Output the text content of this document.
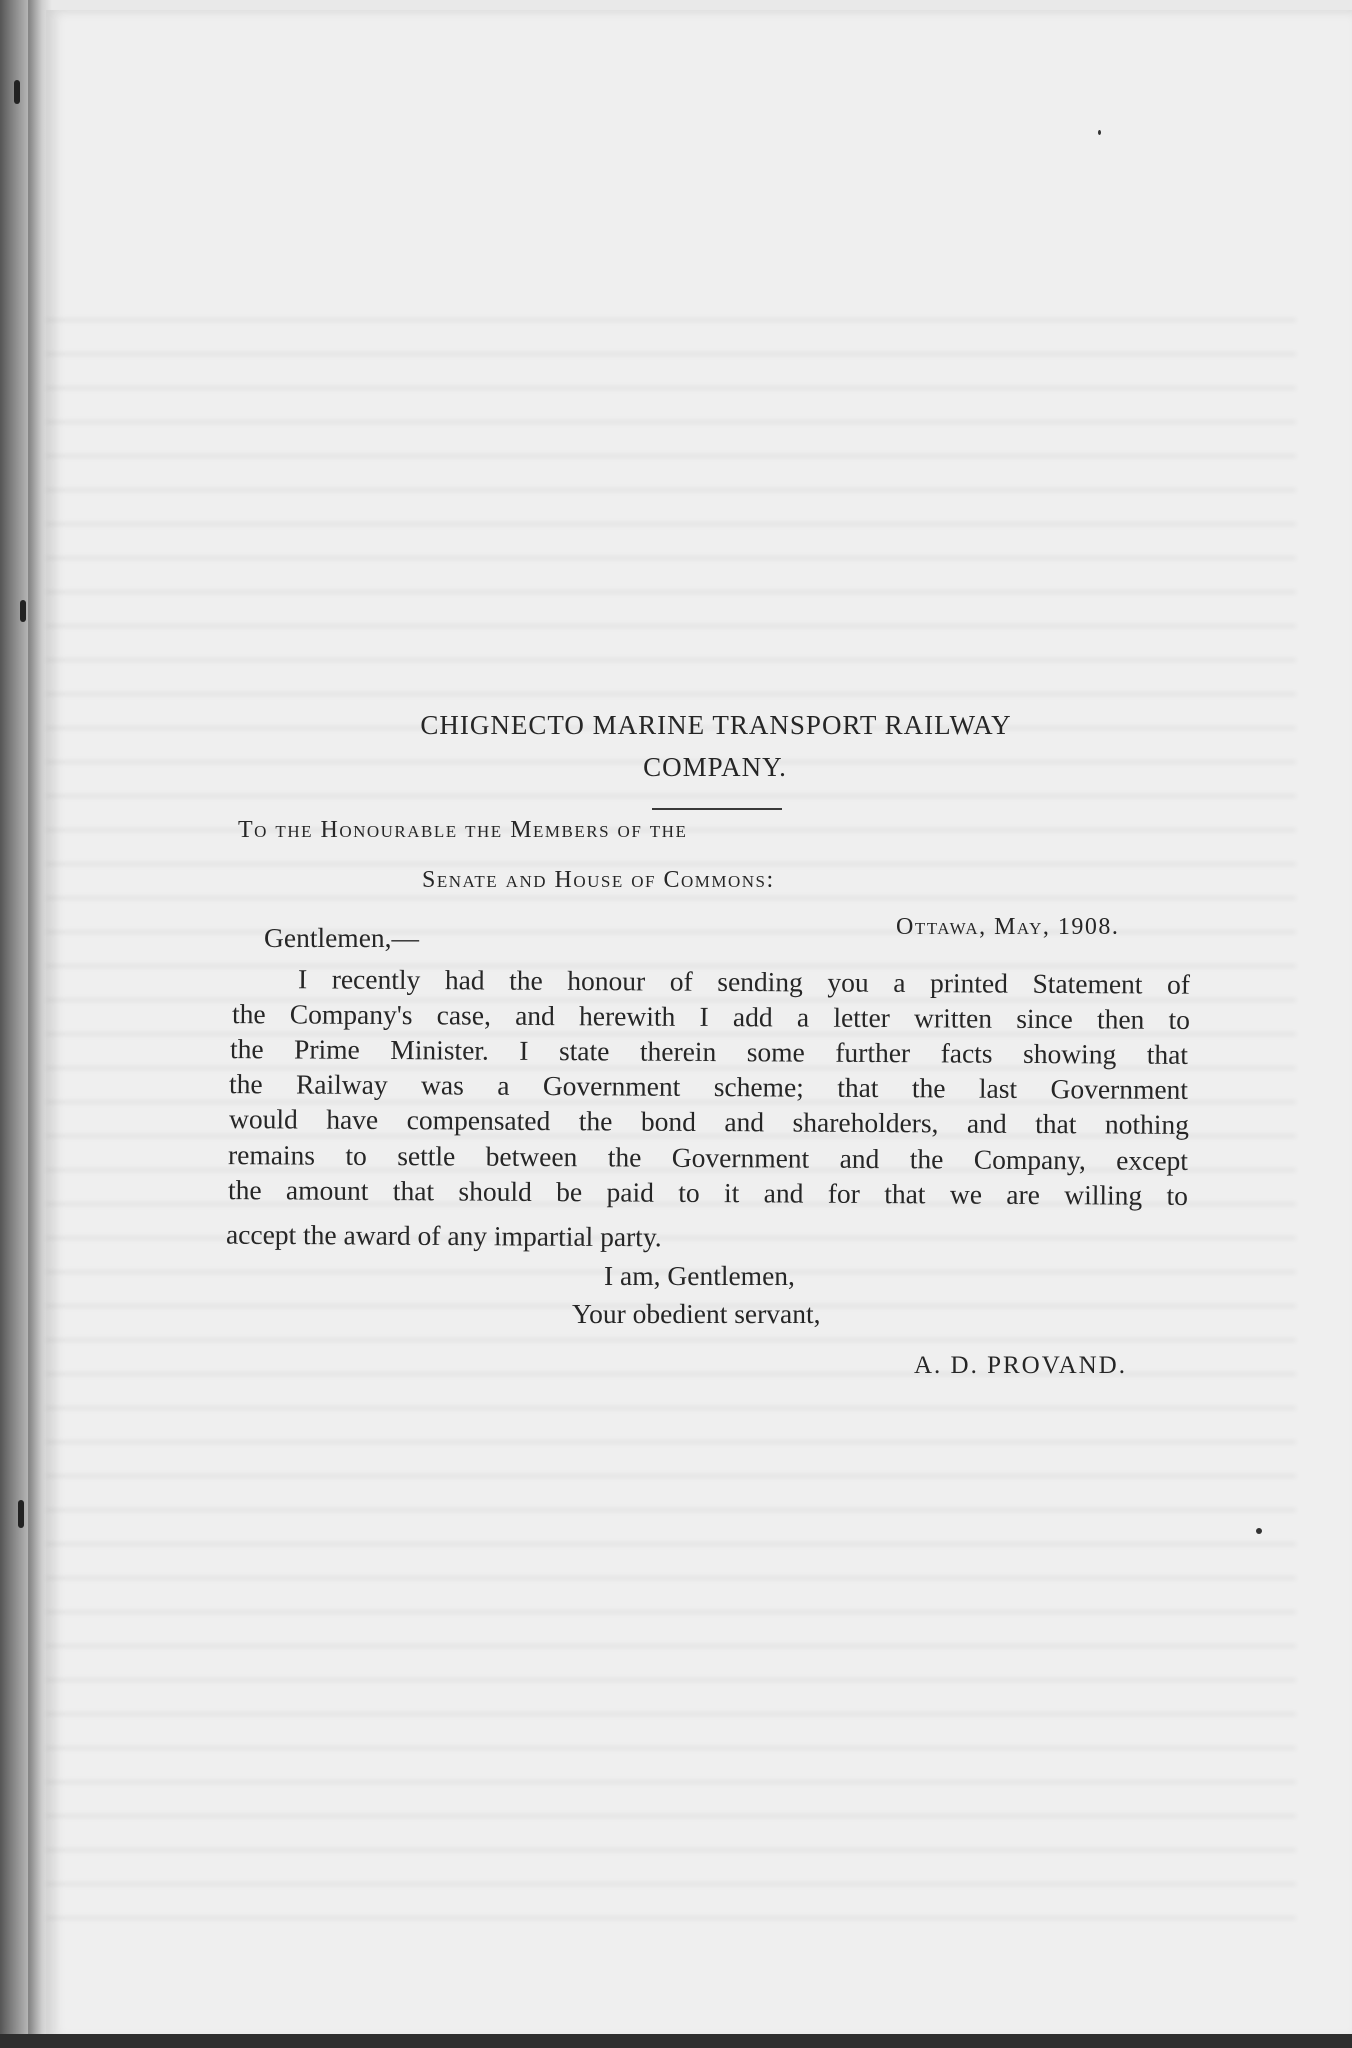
CHIGNECTO MARINE TRANSPORT RAILWAY
COMPANY.
To the Honourable the Members of the
Senate and House of Commons:
Ottawa, May, 1908.
Gentlemen,—
I recently had the honour of sending you a printed Statement of
the Company's case, and herewith I add a letter written since then to
the Prime Minister. I state therein some further facts showing that
the Railway was a Government scheme; that the last Government
would have compensated the bond and shareholders, and that nothing
remains to settle between the Government and the Company, except
the amount that should be paid to it and for that we are willing to
accept the award of any impartial party.
I am, Gentlemen,
Your obedient servant,
A. D. PROVAND.
